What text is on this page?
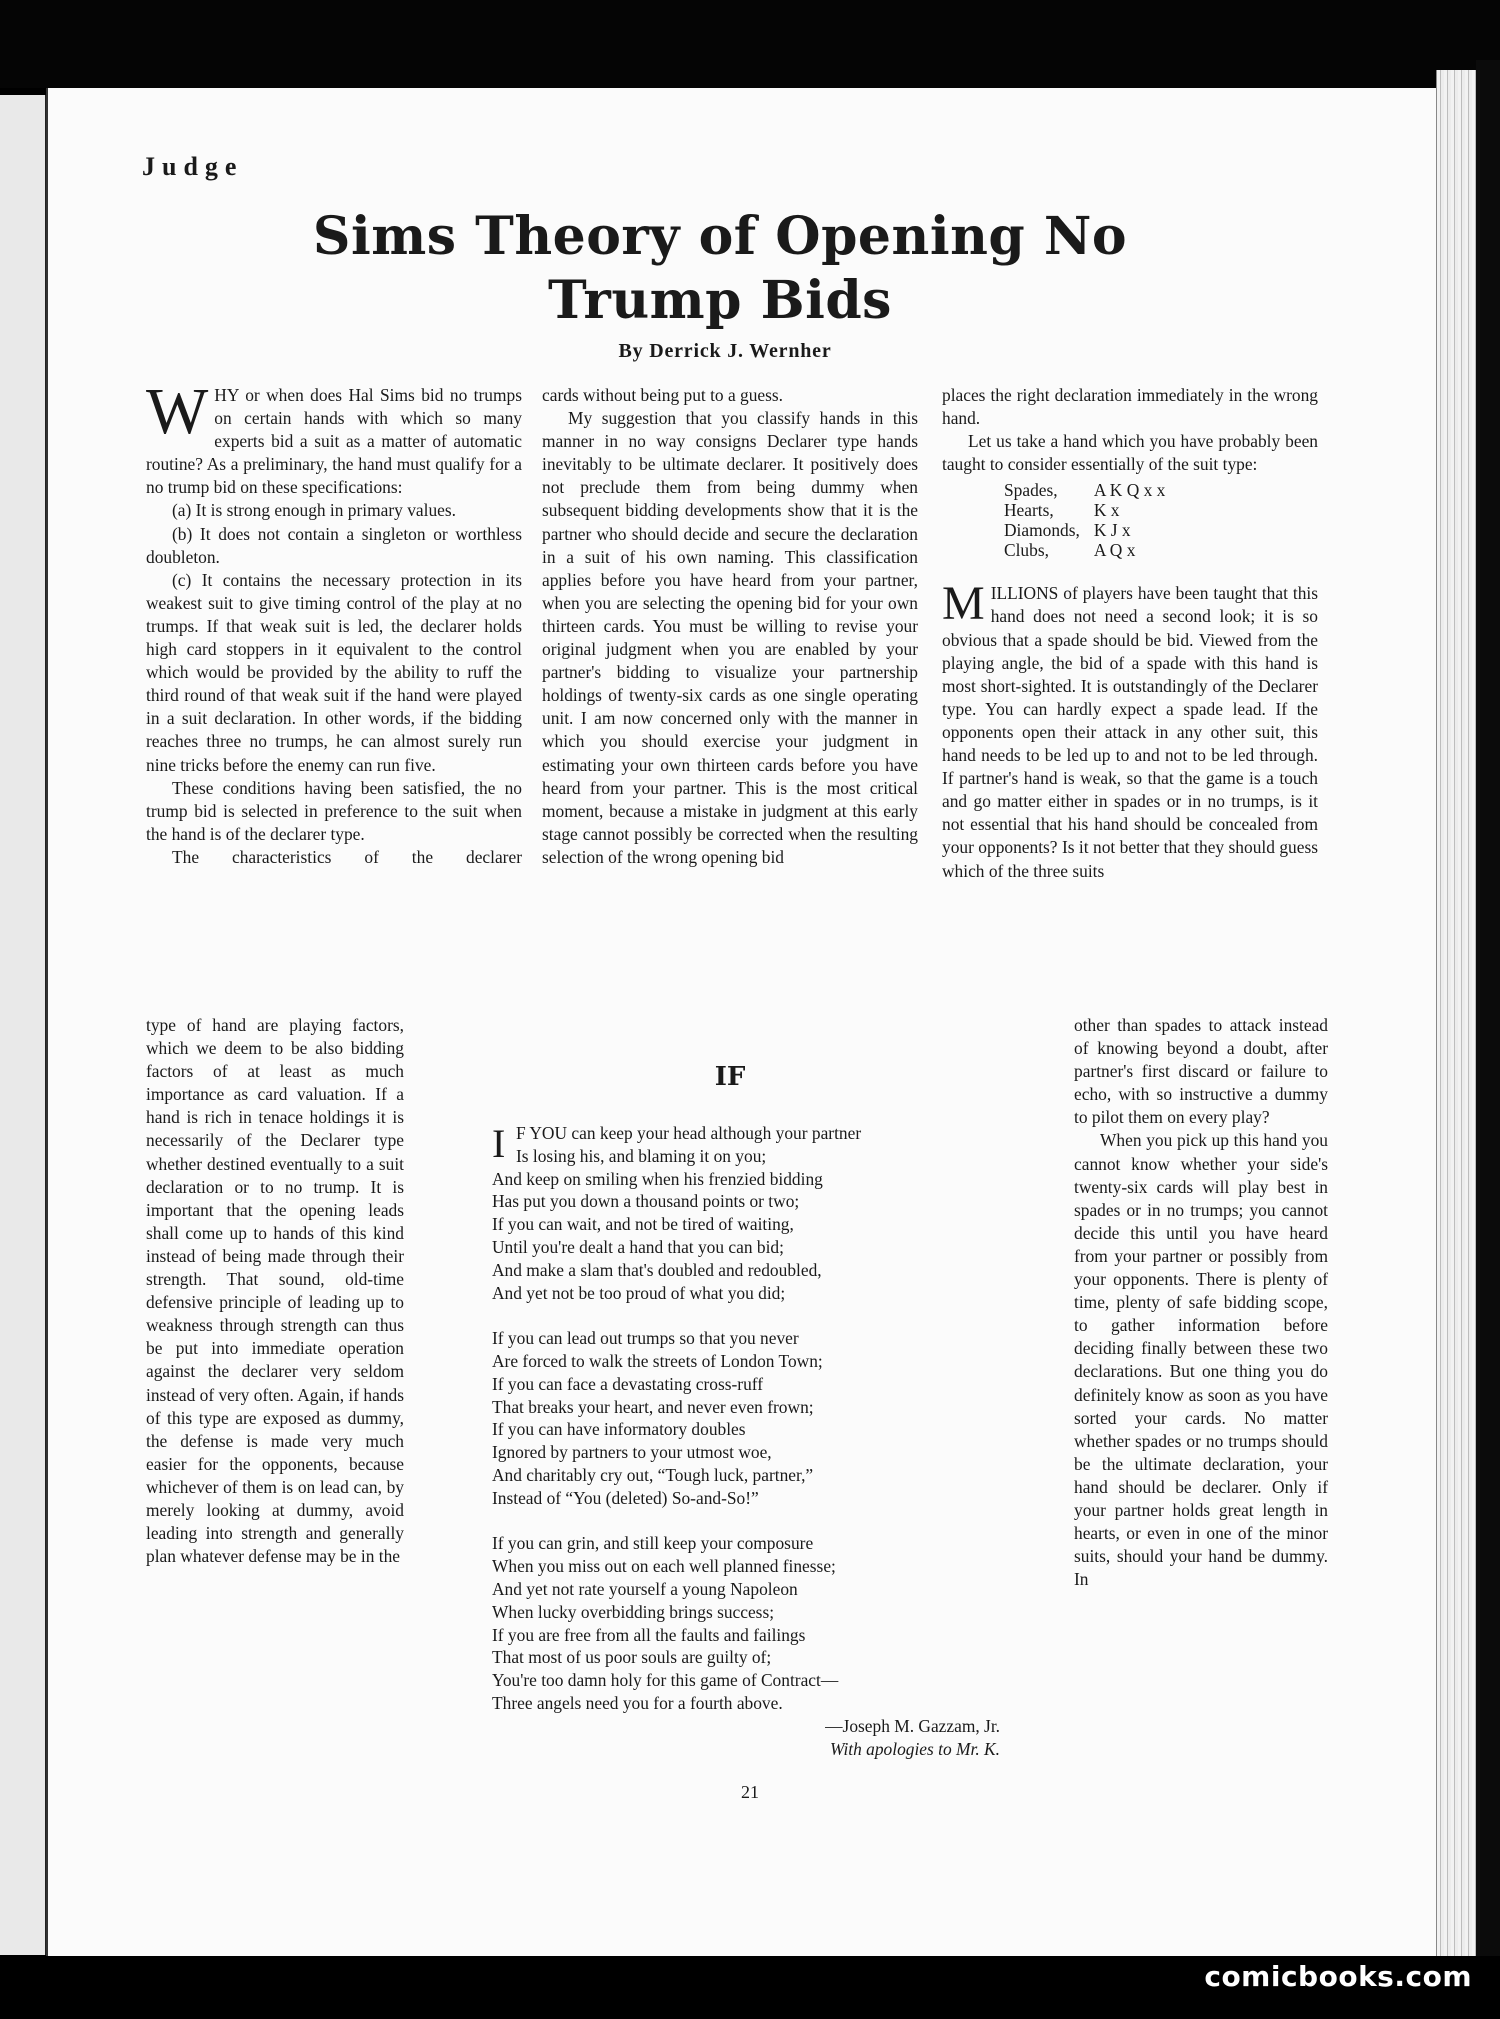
comicbooks.com
Judge
Sims Theory of Opening No
Trump Bids
By Derrick J. Wernher

WHY or when does Hal Sims bid no trumps on certain hands with which so many experts bid a suit as a matter of automatic routine? As a preliminary, the hand must qualify for a no trump bid on these specifications:

(a) It is strong enough in primary values.

(b) It does not contain a singleton or worthless doubleton.

(c) It contains the necessary protection in its weakest suit to give timing control of the play at no trumps. If that weak suit is led, the declarer holds high card stoppers in it equivalent to the control which would be provided by the ability to ruff the third round of that weak suit if the hand were played in a suit declaration. In other words, if the bidding reaches three no trumps, he can almost surely run nine tricks before the enemy can run five.

These conditions having been satisfied, the no trump bid is selected in preference to the suit when the hand is of the declarer type.

The characteristics of the declarer

type of hand are playing factors, which we deem to be also bidding factors of at least as much importance as card valuation. If a hand is rich in tenace holdings it is necessarily of the Declarer type whether destined eventually to a suit declaration or to no trump. It is important that the opening leads shall come up to hands of this kind instead of being made through their strength. That sound, old-time defensive principle of leading up to weakness through strength can thus be put into immediate operation against the declarer very seldom instead of very often. Again, if hands of this type are exposed as dummy, the defense is made very much easier for the opponents, because whichever of them is on lead can, by merely looking at dummy, avoid leading into strength and generally plan whatever defense may be in the

cards without being put to a guess.

My suggestion that you classify hands in this manner in no way consigns Declarer type hands inevitably to be ultimate declarer. It positively does not preclude them from being dummy when subsequent bidding developments show that it is the partner who should decide and secure the declaration in a suit of his own naming. This classification applies before you have heard from your partner, when you are selecting the opening bid for your own thirteen cards. You must be willing to revise your original judgment when you are enabled by your partner's bidding to visualize your partnership holdings of twenty-six cards as one single operating unit. I am now concerned only with the manner in which you should exercise your judgment in estimating your own thirteen cards before you have heard from your partner. This is the most critical moment, because a mistake in judgment at this early stage cannot possibly be corrected when the resulting selection of the wrong opening bid

places the right declaration immediately in the wrong hand.

Let us take a hand which you have probably been taught to consider essentially of the suit type:

Spades,	A K Q x x
Hearts,	K x
Diamonds,	K J x
Clubs,	A Q x

MILLIONS of players have been taught that this hand does not need a second look; it is so obvious that a spade should be bid. Viewed from the playing angle, the bid of a spade with this hand is most short-sighted. It is outstandingly of the Declarer type. You can hardly expect a spade lead. If the opponents open their attack in any other suit, this hand needs to be led up to and not to be led through. If partner's hand is weak, so that the game is a touch and go matter either in spades or in no trumps, is it not essential that his hand should be concealed from your opponents? Is it not better that they should guess which of the three suits

other than spades to attack instead of knowing beyond a doubt, after partner's first discard or failure to echo, with so instructive a dummy to pilot them on every play?

When you pick up this hand you cannot know whether your side's twenty-six cards will play best in spades or in no trumps; you cannot decide this until you have heard from your partner or possibly from your opponents. There is plenty of time, plenty of safe bidding scope, to gather information before deciding finally between these two declarations. But one thing you do definitely know as soon as you have sorted your cards. No matter whether spades or no trumps should be the ultimate declaration, your hand should be declarer. Only if your partner holds great length in hearts, or even in one of the minor suits, should your hand be dummy. In

IF
I F YOU can keep your head although your partner
Is losing his, and blaming it on you;
And keep on smiling when his frenzied bidding
Has put you down a thousand points or two;
If you can wait, and not be tired of waiting,
Until you're dealt a hand that you can bid;
And make a slam that's doubled and redoubled,
And yet not be too proud of what you did;
If you can lead out trumps so that you never
Are forced to walk the streets of London Town;
If you can face a devastating cross-ruff
That breaks your heart, and never even frown;
If you can have informatory doubles
Ignored by partners to your utmost woe,
And charitably cry out, “Tough luck, partner,”
Instead of “You (deleted) So-and-So!”
If you can grin, and still keep your composure
When you miss out on each well planned finesse;
And yet not rate yourself a young Napoleon
When lucky overbidding brings success;
If you are free from all the faults and failings
That most of us poor souls are guilty of;
You're too damn holy for this game of Contract—
Three angels need you for a fourth above.
—Joseph M. Gazzam, Jr.
With apologies to Mr. K.
21
